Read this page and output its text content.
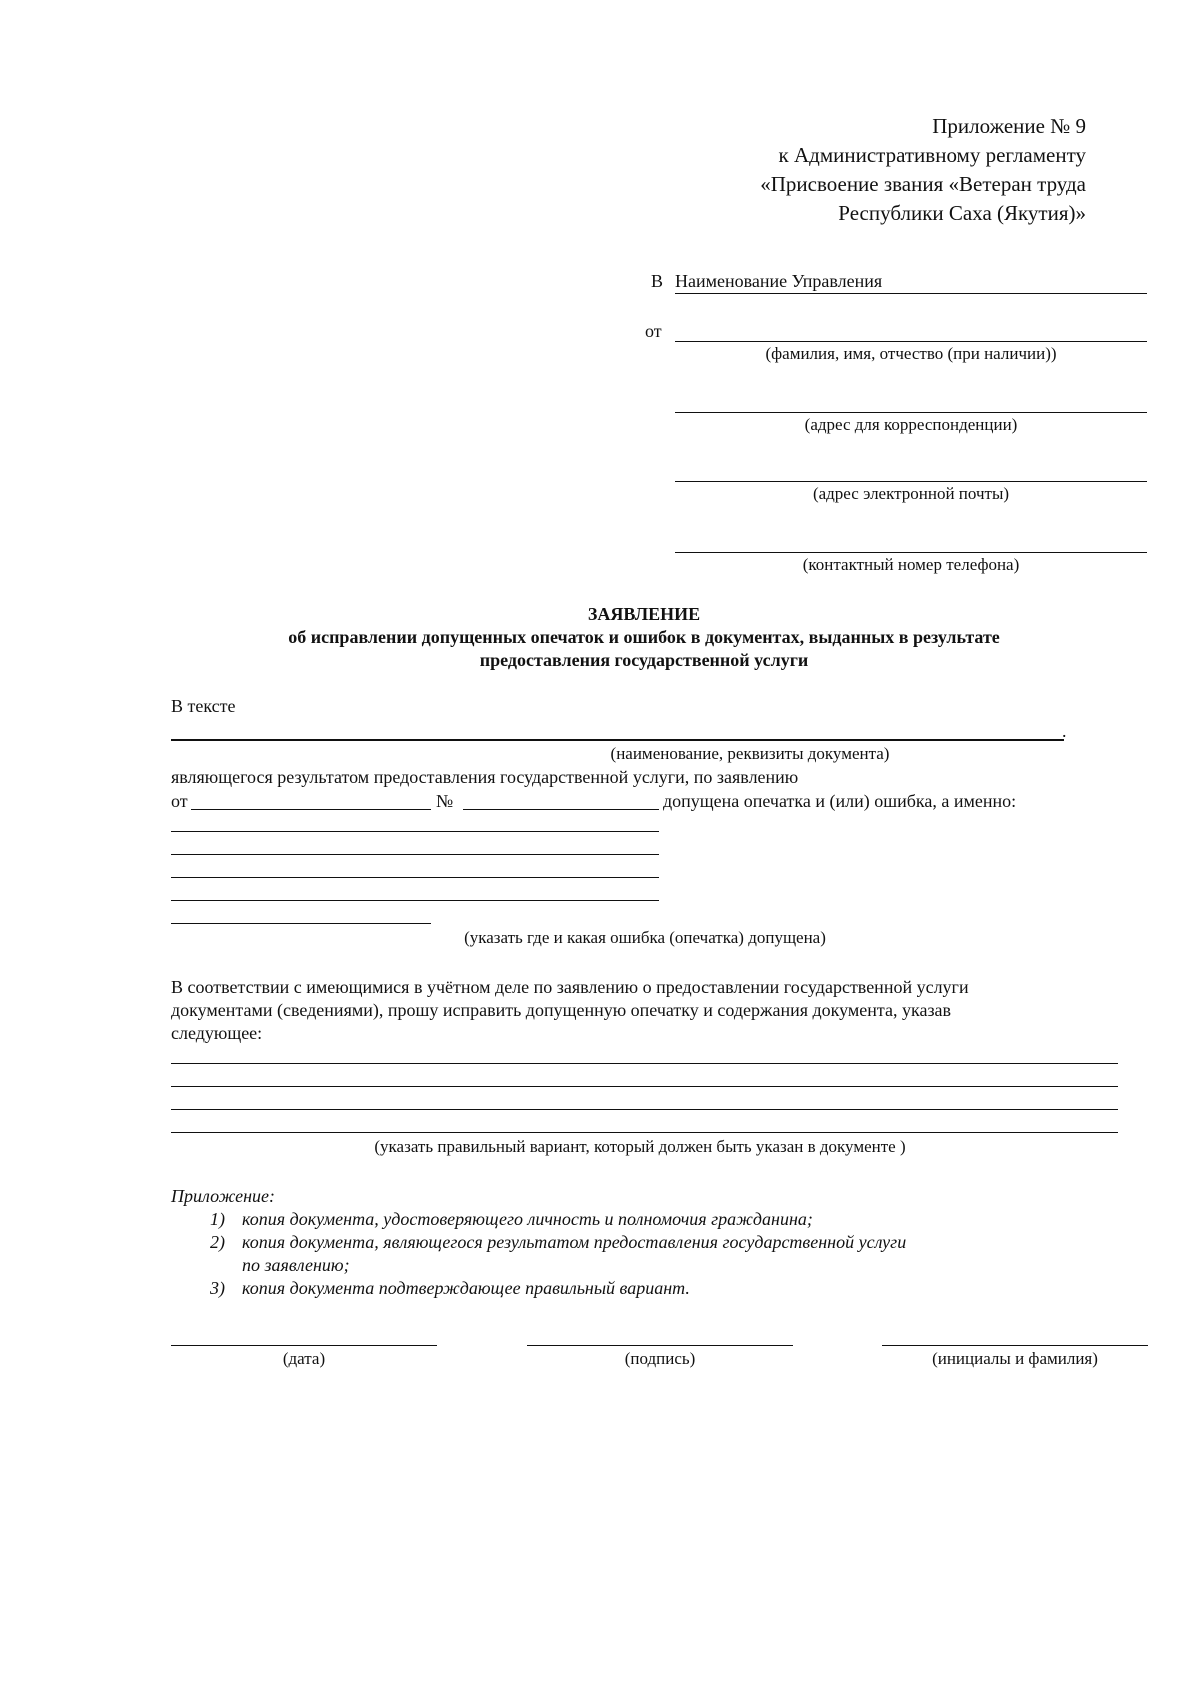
Приложение № 9
к Административному регламенту
«Присвоение звания «Ветеран труда
Республики Саха (Якутия)»
В Наименование Управления
от
(фамилия, имя, отчество (при наличии))
(адрес для корреспонденции)
(адрес электронной почты)
(контактный номер телефона)
ЗАЯВЛЕНИЕ
об исправлении допущенных опечаток и ошибок в документах, выданных в результате
предоставления государственной услуги
В тексте
.
(наименование, реквизиты документа)
являющегося результатом предоставления государственной услуги, по заявлению
от	№	допущена опечатка и (или) ошибка, а именно:
(указать где и какая ошибка (опечатка) допущена)
В соответствии с имеющимися в учётном деле по заявлению о предоставлении государственной услуги
документами (сведениями), прошу исправить допущенную опечатку и содержания документа, указав
следующее:
(указать правильный вариант, который должен быть указан в документе )
Приложение:
1) копия документа, удостоверяющего личность и полномочия гражданина;
2) копия документа, являющегося результатом предоставления государственной услуги
по заявлению;
3) копия документа подтверждающее правильный вариант.
(дата)	(подпись)	(инициалы и фамилия)
